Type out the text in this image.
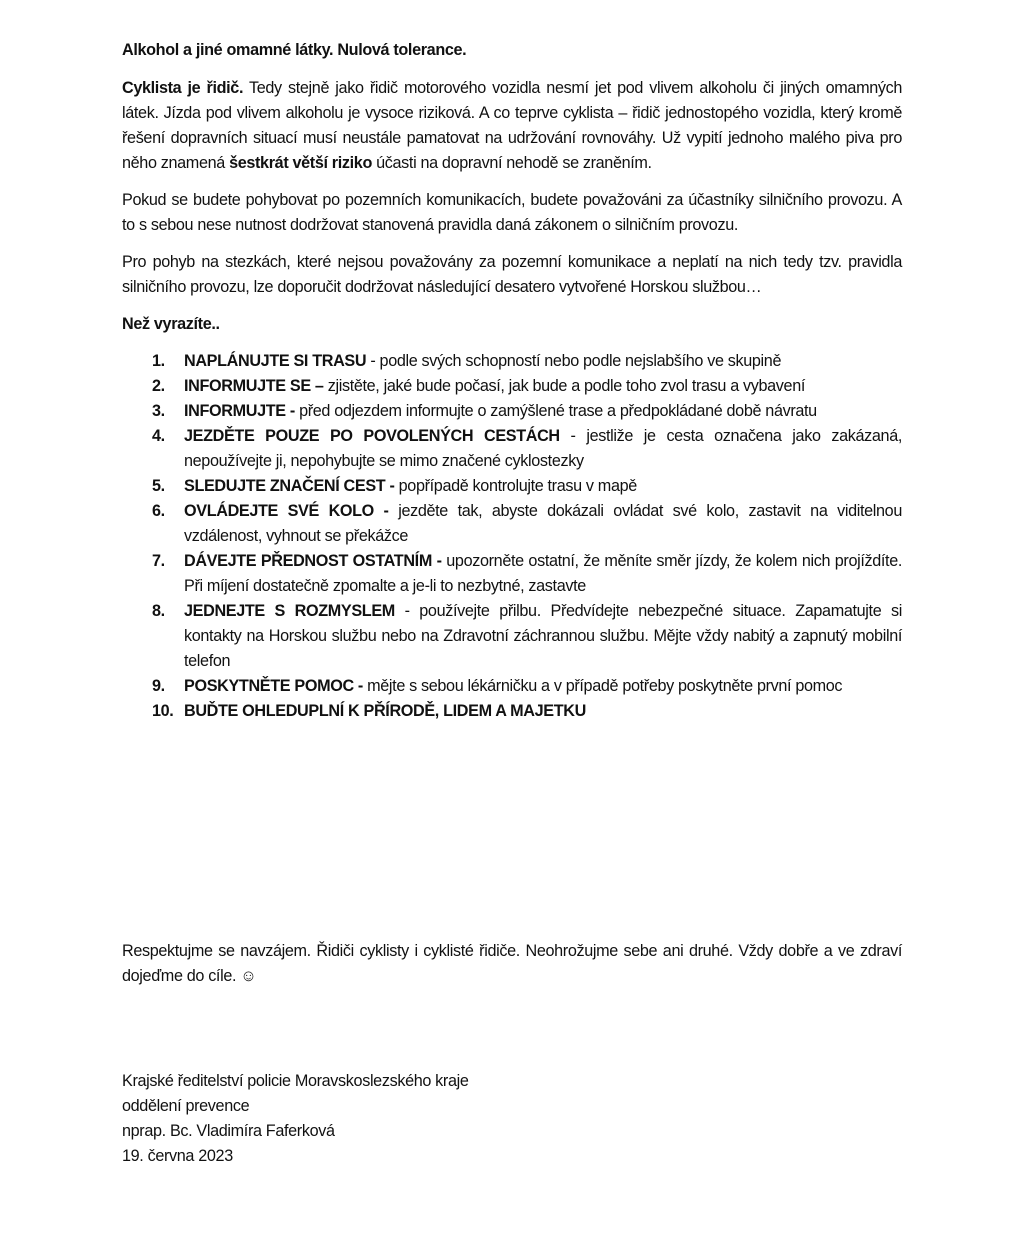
Alkohol a jiné omamné látky. Nulová tolerance.

Cyklista je řidič. Tedy stejně jako řidič motorového vozidla nesmí jet pod vlivem alkoholu či jiných omamných látek. Jízda pod vlivem alkoholu je vysoce riziková. A co teprve cyklista – řidič jednostopého vozidla, který kromě řešení dopravních situací musí neustále pamatovat na udržování rovnováhy. Už vypití jednoho malého piva pro něho znamená šestkrát větší riziko účasti na dopravní nehodě se zraněním.

Pokud se budete pohybovat po pozemních komunikacích, budete považováni za účastníky silničního provozu. A to s sebou nese nutnost dodržovat stanovená pravidla daná zákonem o silničním provozu.

Pro pohyb na stezkách, které nejsou považovány za pozemní komunikace a neplatí na nich tedy tzv. pravidla silničního provozu, lze doporučit dodržovat následující desatero vytvořené Horskou službou…

Než vyrazíte..
1. NAPLÁNUJTE SI TRASU - podle svých schopností nebo podle nejslabšího ve skupině
2. INFORMUJTE SE – zjistěte, jaké bude počasí, jak bude a podle toho zvol trasu a vybavení
3. INFORMUJTE - před odjezdem informujte o zamýšlené trase a předpokládané době návratu
4. JEZDĚTE POUZE PO POVOLENÝCH CESTÁCH - jestliže je cesta označena jako zakázaná, nepoužívejte ji, nepohybujte se mimo značené cyklostezky
5. SLEDUJTE ZNAČENÍ CEST - popřípadě kontrolujte trasu v mapě
6. OVLÁDEJTE SVÉ KOLO - jezděte tak, abyste dokázali ovládat své kolo, zastavit na viditelnou vzdálenost, vyhnout se překážce
7. DÁVEJTE PŘEDNOST OSTATNÍM - upozorněte ostatní, že měníte směr jízdy, že kolem nich projíždíte. Při míjení dostatečně zpomalte a je-li to nezbytné, zastavte
8. JEDNEJTE S ROZMYSLEM - používejte přilbu. Předvídejte nebezpečné situace. Zapamatujte si kontakty na Horskou službu nebo na Zdravotní záchrannou službu. Mějte vždy nabitý a zapnutý mobilní telefon
9. POSKYTNĚTE POMOC - mějte s sebou lékárničku a v případě potřeby poskytněte první pomoc
10. BUĎTE OHLEDUPLNÍ K PŘÍRODĚ, LIDEM A MAJETKU

Respektujme se navzájem. Řidiči cyklisty i cyklisté řidiče. Neohrožujme sebe ani druhé. Vždy dobře a ve zdraví dojeďme do cíle. ☺

Krajské ředitelství policie Moravskoslezského kraje
oddělení prevence
nprap. Bc. Vladimíra Faferková
19. června 2023
